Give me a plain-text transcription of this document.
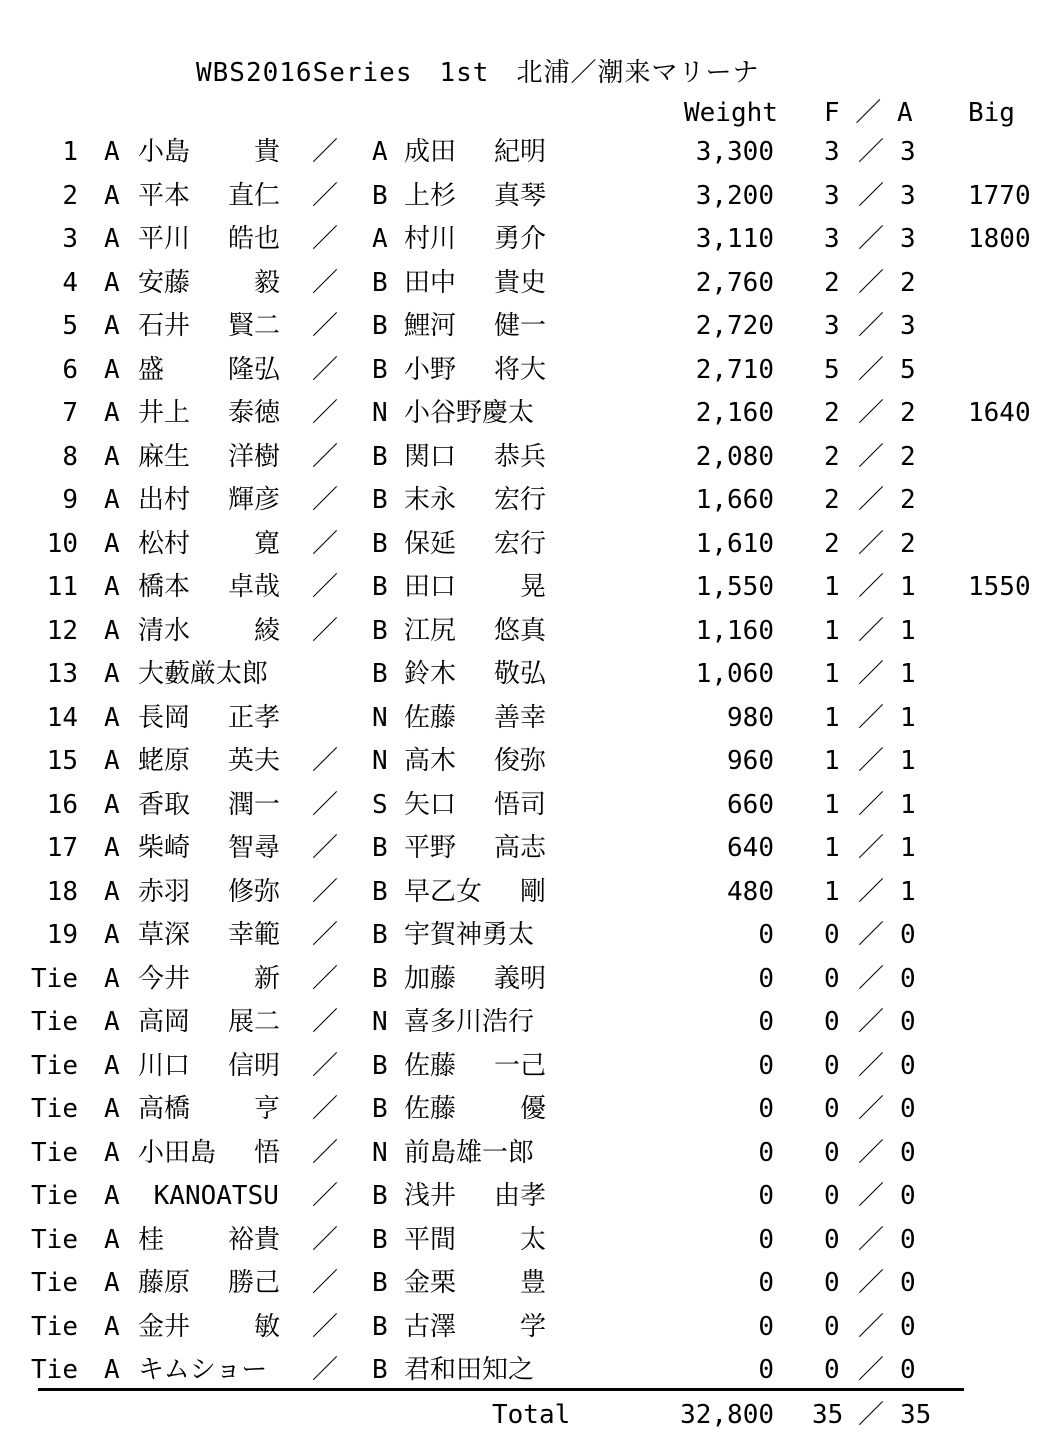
WBS2016Series　1st　北浦／潮来マリーナ
Weight F ／ A Big
1 A 小島 　貴 ／ A 成田 紀明	3,300 3 ／ 3
2 A 平本 直仁 ／ B 上杉 真琴	3,200 3 ／ 3 1770
3 A 平川 皓也 ／ A 村川 勇介	3,110 3 ／ 3 1800
4 A 安藤 　毅 ／ B 田中 貴史	2,760 2 ／ 2
5 A 石井 賢二 ／ B 鯉河 健一	2,720 3 ／ 3
6 A 盛 隆弘 ／ B 小野 将大	2,710 5 ／ 5
7 A 井上 泰徳 ／ N 小谷野慶太	2,160 2 ／ 2 1640
8 A 麻生 洋樹 ／ B 関口 恭兵	2,080 2 ／ 2
9 A 出村 輝彦 ／ B 末永 宏行	1,660 2 ／ 2
10 A 松村 　寛 ／ B 保延 宏行	1,610 2 ／ 2
11 A 橋本 卓哉 ／ B 田口 　晃	1,550 1 ／ 1 1550
12 A 清水 　綾 ／ B 江尻 悠真	1,160 1 ／ 1
13 A 大藪厳太郎	B 鈴木 敬弘	1,060 1 ／ 1
14 A 長岡 正孝	N 佐藤 善幸	980 1 ／ 1
15 A 蛯原 英夫 ／ N 高木 俊弥	960 1 ／ 1
16 A 香取 潤一 ／ S 矢口 悟司	660 1 ／ 1
17 A 柴崎 智尋 ／ B 平野 高志	640 1 ／ 1
18 A 赤羽 修弥 ／ B 早乙女 　剛	480 1 ／ 1
19 A 草深 幸範 ／ B 宇賀神勇太	0 0 ／ 0
Tie A 今井 　新 ／ B 加藤 義明	0 0 ／ 0
Tie A 高岡 展二 ／ N 喜多川浩行	0 0 ／ 0
Tie A 川口 信明 ／ B 佐藤 一己	0 0 ／ 0
Tie A 高橋 　亨 ／ B 佐藤 　優	0 0 ／ 0
Tie A 小田島 　悟 ／ N 前島雄一郎	0 0 ／ 0
Tie A KANOATSU ／ B 浅井 由孝	0 0 ／ 0
Tie A 桂 裕貴 ／ B 平間 　太	0 0 ／ 0
Tie A 藤原 勝己 ／ B 金栗 　豊	0 0 ／ 0
Tie A 金井 　敏 ／ B 古澤 　学	0 0 ／ 0
Tie A キムショー ／ B 君和田知之	0 0 ／ 0
Total	32,800 35 ／ 35
